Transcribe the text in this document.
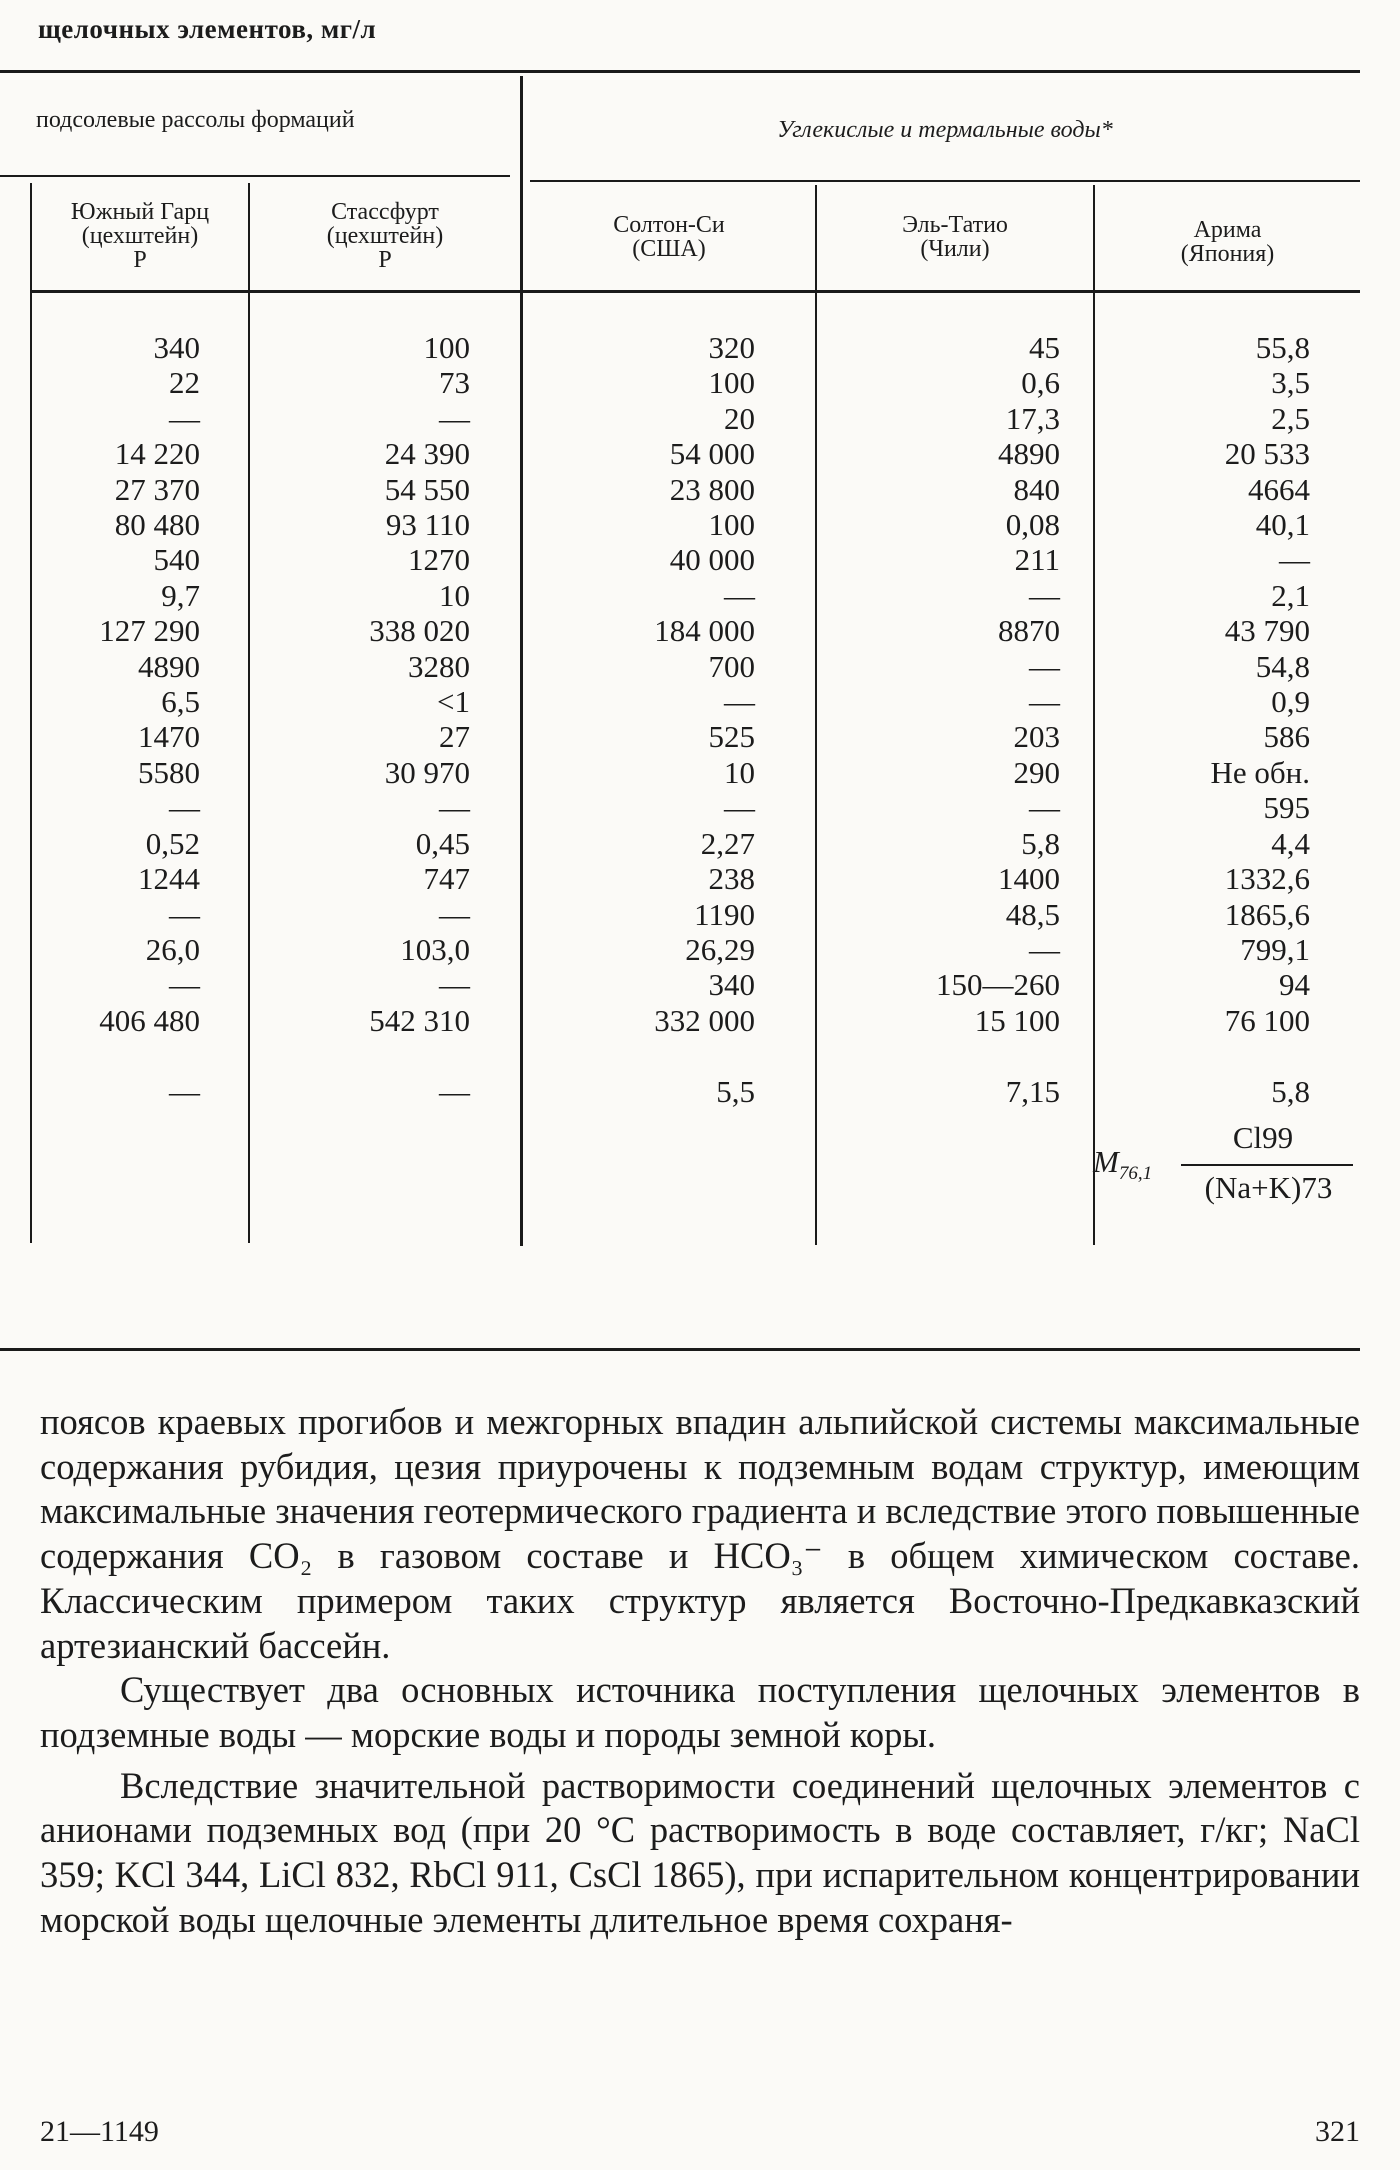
щелочных элементов, мг/л
подсолевые рассолы формаций	Углекислые и термальные воды*
Южный Гарц
(цехштейн)
Р
Стассфурт
(цехштейн)
Р
Солтон-Си
(США)
Эль-Татио
(Чили)
Арима
(Япония)
340
22
—
14 220
27 370
80 480
540
9,7
127 290
4890
6,5
1470
5580
—
0,52
1244
—
26,0
—
406 480

—
100
73
—
24 390
54 550
93 110
1270
10
338 020
3280
<1
27
30 970
—
0,45
747
—
103,0
—
542 310

—
320
100
20
54 000
23 800
100
40 000
—
184 000
700
—
525
10
—
2,27
238
1190
26,29
340
332 000

5,5
45
0,6
17,3
4890
840
0,08
211
—
8870
—
—
203
290
—
5,8
1400
48,5
—
150—260
15 100

7,15
55,8
3,5
2,5
20 533
4664
40,1
—
2,1
43 790
54,8
0,9
586
Не обн.
595
4,4
1332,6
1865,6
799,1
94
76 100

5,8
$M_{76,1}$
Cl99
(Na+K)73

поясов краевых прогибов и межгорных впадин альпийской системы максимальные содержания рубидия, цезия приурочены к подземным водам структур, имеющим максимальные значения геотермического градиента и вследствие этого повышенные содержания СО₂ в газовом составе и HCO₃⁻ в общем химическом составе. Классическим примером таких структур является Восточно-Предкавказский артезианский бассейн.

Существует два основных источника поступления щелочных элементов в подземные воды — морские воды и породы земной коры.

Вследствие значительной растворимости соединений щелочных элементов с анионами подземных вод (при 20 °С растворимость в воде составляет, г/кг; NaCl 359; KCl 344, LiCl 832, RbCl 911, CsCl 1865), при испарительном концентрировании морской воды щелочные элементы длительное время сохраня-

21—1149	321
